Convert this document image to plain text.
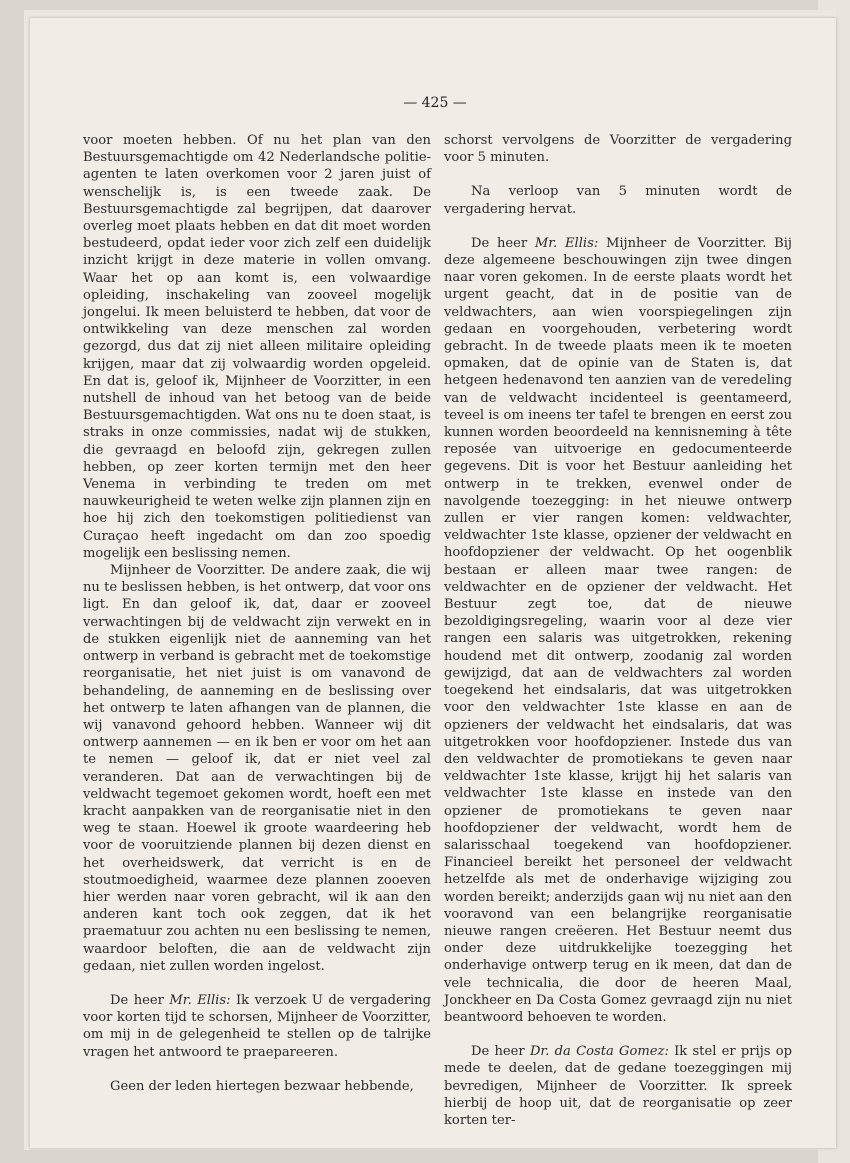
— 425 —

voor moeten hebben. Of nu het plan van den Bestuursgemachtigde om 42 Nederlandsche politie-agenten te laten overkomen voor 2 jaren juist of wenschelijk is, is een tweede zaak. De Bestuursgemachtigde zal begrijpen, dat daarover overleg moet plaats hebben en dat dit moet worden bestudeerd, opdat ieder voor zich zelf een duidelijk inzicht krijgt in deze materie in vollen omvang. Waar het op aan komt is, een volwaardige opleiding, inschakeling van zooveel mogelijk jongelui. Ik meen beluisterd te hebben, dat voor de ontwikkeling van deze menschen zal worden gezorgd, dus dat zij niet alleen militaire opleiding krijgen, maar dat zij volwaardig worden opgeleid. En dat is, geloof ik, Mijnheer de Voorzitter, in een nutshell de inhoud van het betoog van de beide Bestuursgemachtigden. Wat ons nu te doen staat, is straks in onze commissies, nadat wij de stukken, die gevraagd en beloofd zijn, gekregen zullen hebben, op zeer korten termijn met den heer Venema in verbinding te treden om met nauwkeurigheid te weten welke zijn plannen zijn en hoe hij zich den toekomstigen politiedienst van Curaçao heeft ingedacht om dan zoo spoedig mogelijk een beslissing nemen.

Mijnheer de Voorzitter. De andere zaak, die wij nu te beslissen hebben, is het ontwerp, dat voor ons ligt. En dan geloof ik, dat, daar er zooveel verwachtingen bij de veldwacht zijn verwekt en in de stukken eigenlijk niet de aanneming van het ontwerp in verband is gebracht met de toekomstige reorganisatie, het niet juist is om vanavond de behandeling, de aanneming en de beslissing over het ontwerp te laten afhangen van de plannen, die wij vanavond gehoord hebben. Wanneer wij dit ontwerp aannemen — en ik ben er voor om het aan te nemen — geloof ik, dat er niet veel zal veranderen. Dat aan de verwachtingen bij de veldwacht tegemoet gekomen wordt, hoeft een met kracht aanpakken van de reorganisatie niet in den weg te staan. Hoewel ik groote waardeering heb voor de vooruitziende plannen bij dezen dienst en het overheidswerk, dat verricht is en de stoutmoedigheid, waarmee deze plannen zooeven hier werden naar voren gebracht, wil ik aan den anderen kant toch ook zeggen, dat ik het praematuur zou achten nu een beslissing te nemen, waardoor beloften, die aan de veldwacht zijn gedaan, niet zullen worden ingelost.

De heer Mr. Ellis: Ik verzoek U de vergadering voor korten tijd te schorsen, Mijnheer de Voorzitter, om mij in de gelegenheid te stellen op de talrijke vragen het antwoord te praepareeren.

Geen der leden hiertegen bezwaar hebbende,

schorst vervolgens de Voorzitter de vergadering voor 5 minuten.

Na verloop van 5 minuten wordt de vergadering hervat.

De heer Mr. Ellis: Mijnheer de Voorzitter. Bij deze algemeene beschouwingen zijn twee dingen naar voren gekomen. In de eerste plaats wordt het urgent geacht, dat in de positie van de veldwachters, aan wien voorspiegelingen zijn gedaan en voorgehouden, verbetering wordt gebracht. In de tweede plaats meen ik te moeten opmaken, dat de opinie van de Staten is, dat hetgeen hedenavond ten aanzien van de veredeling van de veldwacht incidenteel is geentameerd, teveel is om ineens ter tafel te brengen en eerst zou kunnen worden beoordeeld na kennisneming à tête reposée van uitvoerige en gedocumenteerde gegevens. Dit is voor het Bestuur aanleiding het ontwerp in te trekken, evenwel onder de navolgende toezegging: in het nieuwe ontwerp zullen er vier rangen komen: veldwachter, veldwachter 1ste klasse, opziener der veldwacht en hoofdopziener der veldwacht. Op het oogenblik bestaan er alleen maar twee rangen: de veldwachter en de opziener der veldwacht. Het Bestuur zegt toe, dat de nieuwe bezoldigingsregeling, waarin voor al deze vier rangen een salaris was uitgetrokken, rekening houdend met dit ontwerp, zoodanig zal worden gewijzigd, dat aan de veldwachters zal worden toegekend het eindsalaris, dat was uitgetrokken voor den veldwachter 1ste klasse en aan de opzieners der veldwacht het eindsalaris, dat was uitgetrokken voor hoofdopziener. Instede dus van den veldwachter de promotiekans te geven naar veldwachter 1ste klasse, krijgt hij het salaris van veldwachter 1ste klasse en instede van den opziener de promotiekans te geven naar hoofdopziener der veldwacht, wordt hem de salarisschaal toegekend van hoofdopziener. Financieel bereikt het personeel der veldwacht hetzelfde als met de onderhavige wijziging zou worden bereikt; anderzijds gaan wij nu niet aan den vooravond van een belangrijke reorganisatie nieuwe rangen creëeren. Het Bestuur neemt dus onder deze uitdrukkelijke toezegging het onderhavige ontwerp terug en ik meen, dat dan de vele technicalia, die door de heeren Maal, Jonckheer en Da Costa Gomez gevraagd zijn nu niet beantwoord behoeven te worden.

De heer Dr. da Costa Gomez: Ik stel er prijs op mede te deelen, dat de gedane toezeggingen mij bevredigen, Mijnheer de Voorzitter. Ik spreek hierbij de hoop uit, dat de reorganisatie op zeer korten ter-
